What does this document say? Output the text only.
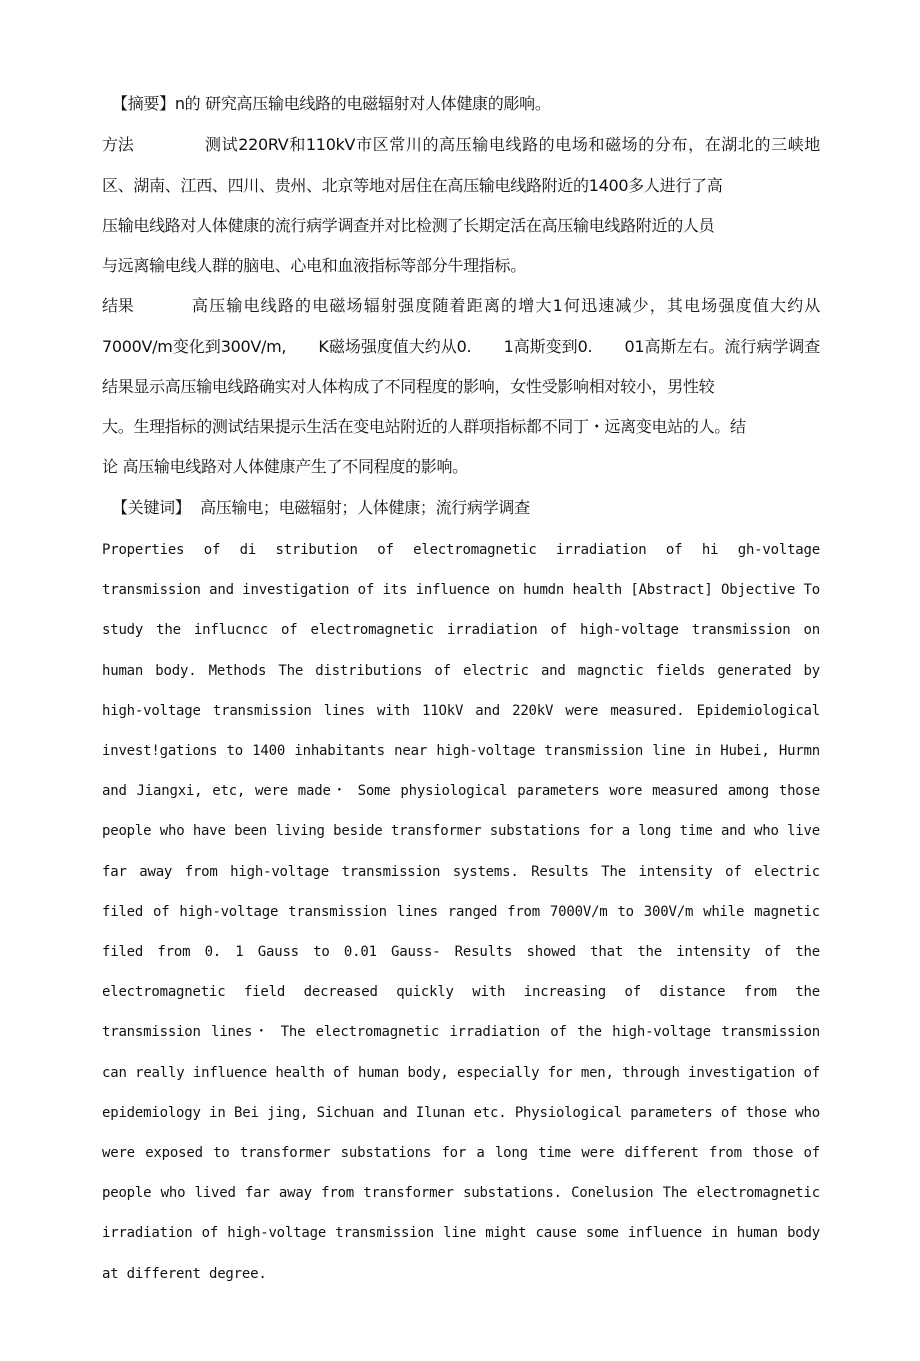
【摘要】n的 研究高压输电线路的电磁辐射对人体健康的彫响。
方法	测试220RV和110kV市区常川的高压输电线路的电场和磁场的分布，在湖北的三峡地
区、湖南、江西、四川、贵州、北京等地对居住在高压输电线路附近的1400多人进行了高
压输电线路对人体健康的流行病学调查并对比检测了长期定活在高压输电线路附近的人员
与远离输电线人群的脑电、心电和血液指标等部分牛理指标。
结果	高压输电线路的电磁场辐射强度随着距离的增大1何迅速减少，其电场强度值大约从
7000V/m变化到300V/m,　　K磁场强度值大约从0.　　1高斯变到0.　　01高斯左右。流行病学调查
结果显示高压输电线路确实对人体构成了不同程度的影响，女性受影响相对较小，男性较
大。生理指标的测试结果提示生活在变电站附近的人群项指标都不同丁・远离变电站的人。结
论 高压输电线路对人体健康产生了不同程度的影响。
【关键词】 高压输电；电磁辐射；人体健康；流行病学调查
Properties of di stribution of electromagnetic irradiation of hi gh-voltage
transmission and investigation of its influence on humdn health [Abstract] Objective To
study the influcncc of electromagnetic irradiation of high-voltage transmission on
human body. Methods The distributions of electric and magnctic fields generated by
high-voltage transmission lines with 11OkV and 220kV were measured. Epidemiological
invest!gations to 1400 inhabitants near high-voltage transmission line in Hubei, Hurmn
and Jiangxi, etc, were made・ Some physiological parameters wore measured among those
people who have been living beside transformer substations for a long time and who live
far away from high-voltage transmission systems. Results The intensity of electric
filed of high-voltage transmission lines ranged from 7000V/m to 300V/m while magnetic
filed from 0. 1 Gauss to 0.01 Gauss- Results showed that the intensity of the
electromagnetic field decreased quickly with increasing of distance from the
transmission lines・ The electromagnetic irradiation of the high-voltage transmission
can really influence health of human body, especially for men, through investigation of
epidemiology in Bei jing, Sichuan and Ilunan etc. Physiological parameters of those who
were exposed to transformer substations for a long time were different from those of
people who lived far away from transformer substations. Conelusion The electromagnetic
irradiation of high-voltage transmission line might cause some influence in human body
at different degree.
